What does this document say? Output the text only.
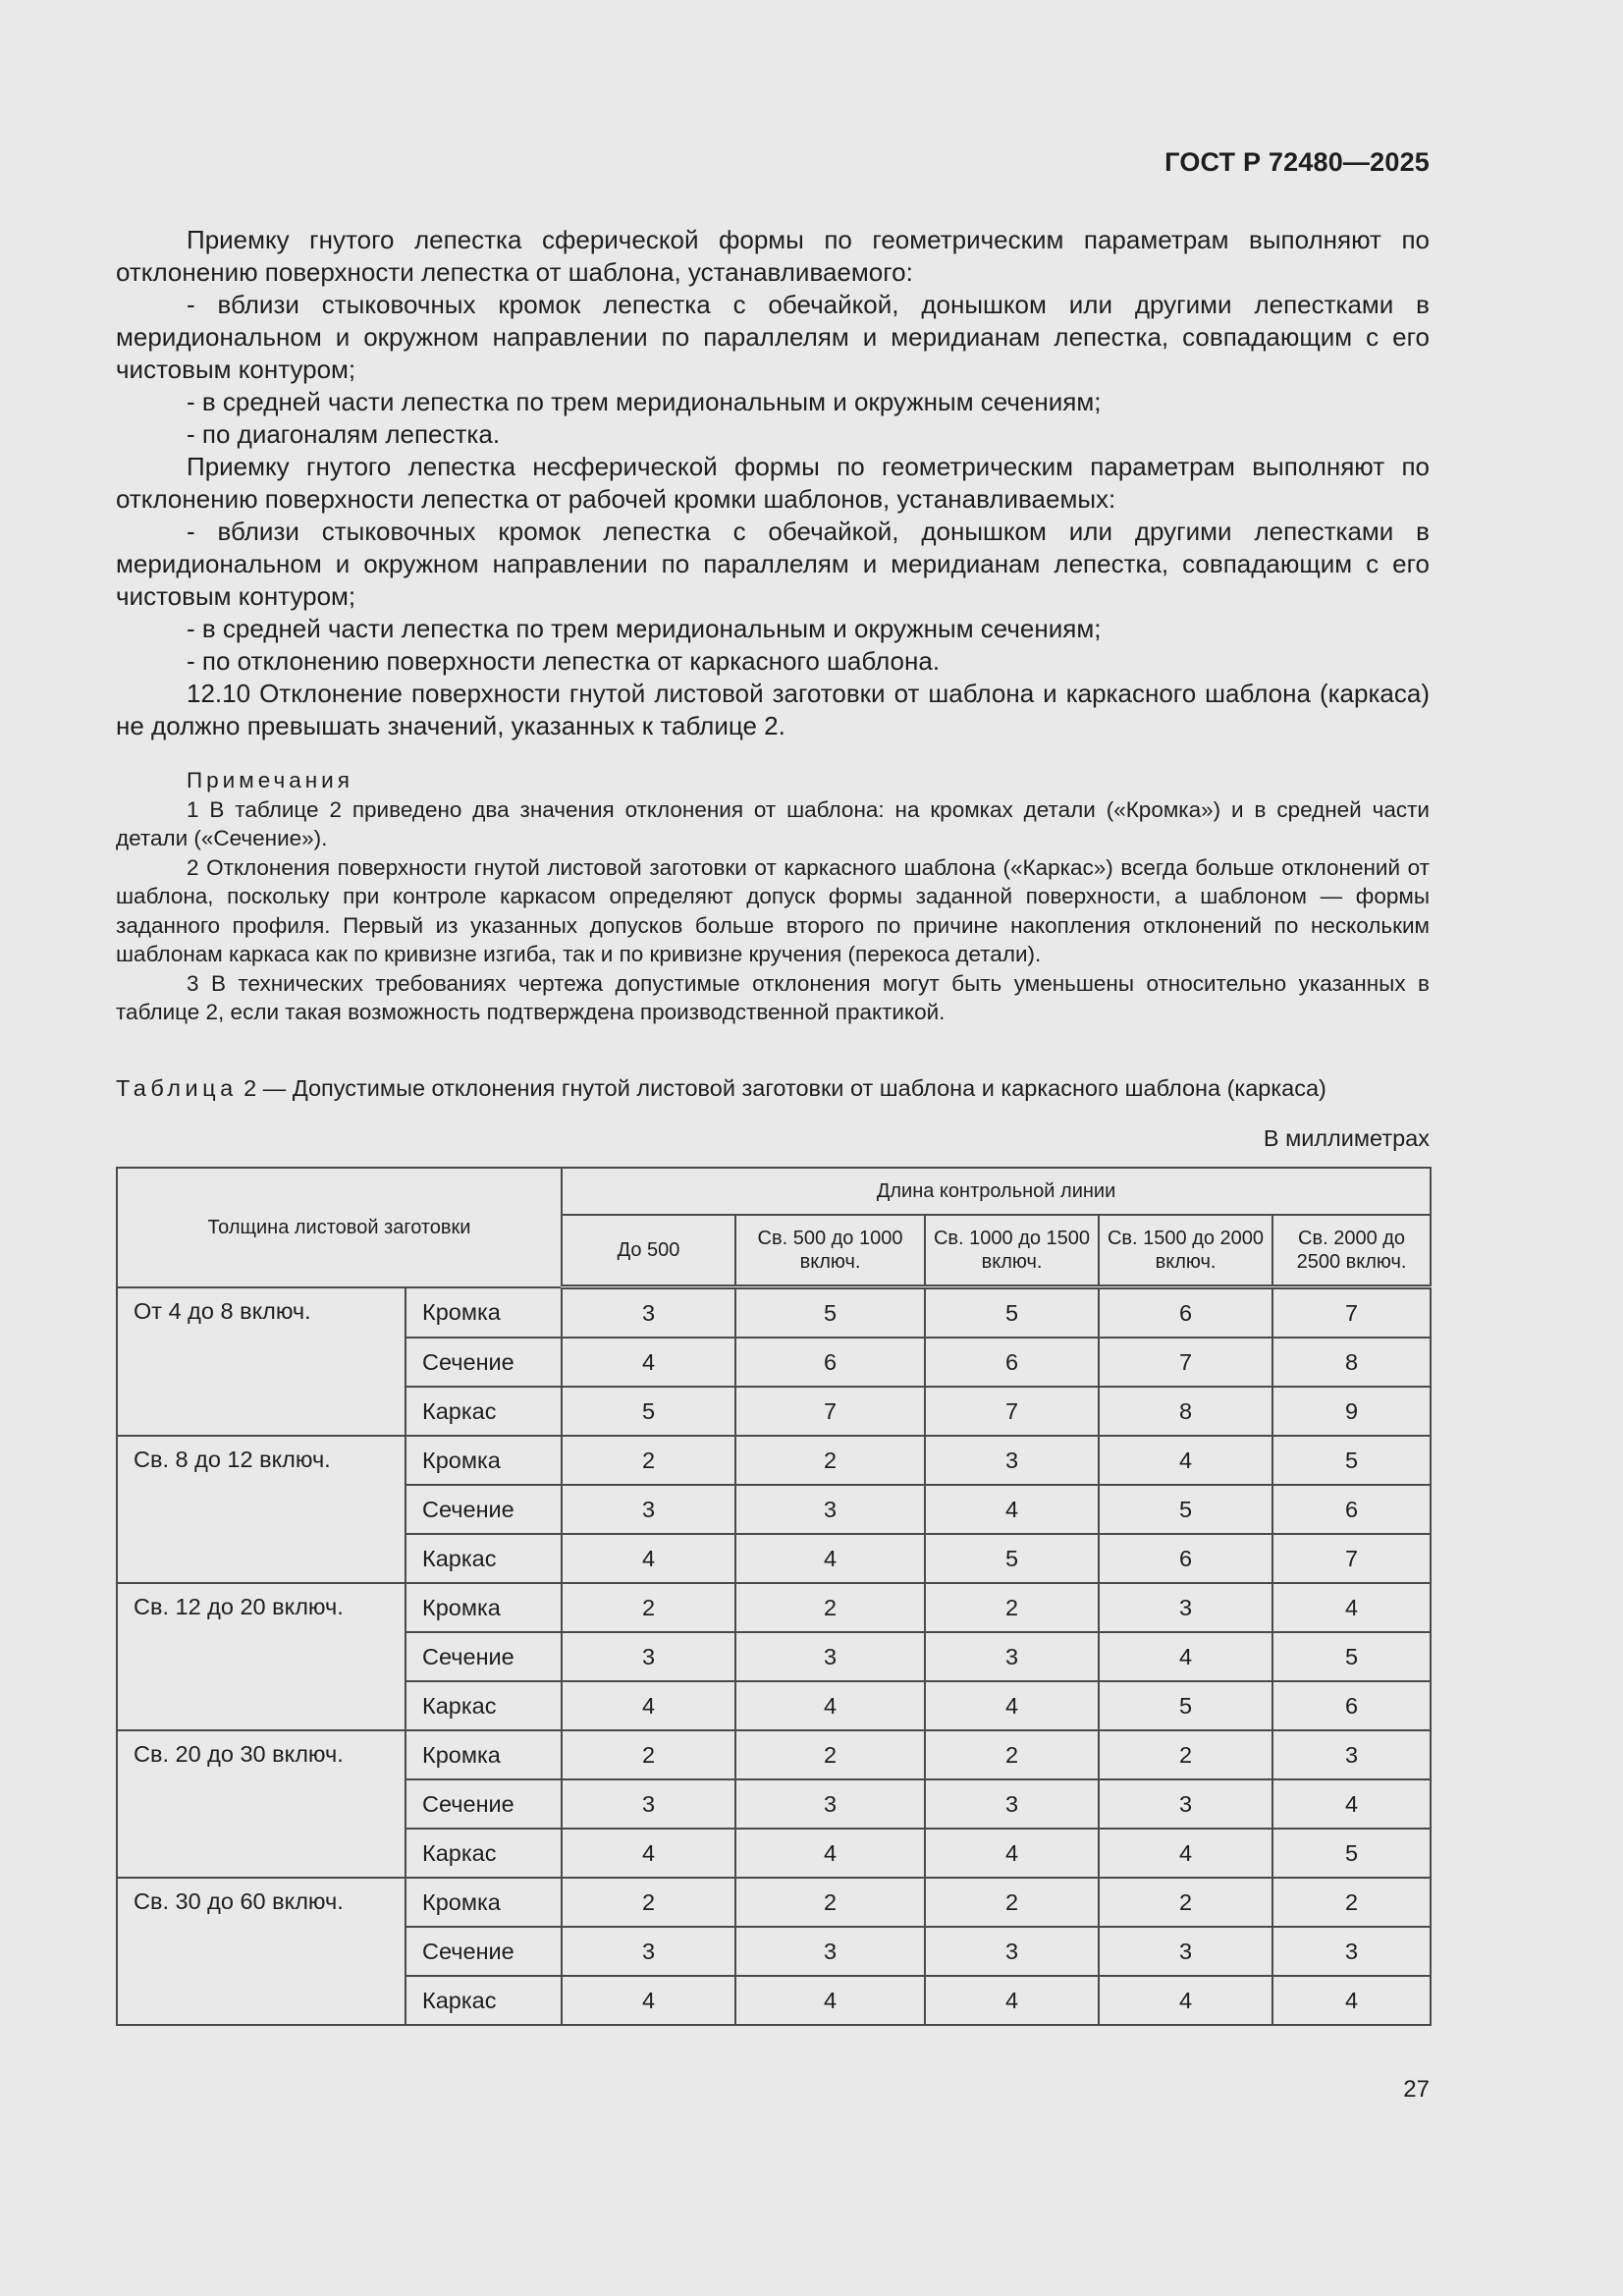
ГОСТ Р 72480—2025

Приемку гнутого лепестка сферической формы по геометрическим параметрам выполняют по отклонению поверхности лепестка от шаблона, устанавливаемого:

- вблизи стыковочных кромок лепестка с обечайкой, донышком или другими лепестками в меридиональном и окружном направлении по параллелям и меридианам лепестка, совпадающим с его чистовым контуром;

- в средней части лепестка по трем меридиональным и окружным сечениям;

- по диагоналям лепестка.

Приемку гнутого лепестка несферической формы по геометрическим параметрам выполняют по отклонению поверхности лепестка от рабочей кромки шаблонов, устанавливаемых:

- вблизи стыковочных кромок лепестка с обечайкой, донышком или другими лепестками в меридиональном и окружном направлении по параллелям и меридианам лепестка, совпадающим с его чистовым контуром;

- в средней части лепестка по трем меридиональным и окружным сечениям;

- по отклонению поверхности лепестка от каркасного шаблона.

12.10 Отклонение поверхности гнутой листовой заготовки от шаблона и каркасного шаблона (каркаса) не должно превышать значений, указанных к таблице 2.

Примечания

1 В таблице 2 приведено два значения отклонения от шаблона: на кромках детали («Кромка») и в средней части детали («Сечение»).

2 Отклонения поверхности гнутой листовой заготовки от каркасного шаблона («Каркас») всегда больше отклонений от шаблона, поскольку при контроле каркасом определяют допуск формы заданной поверхности, а шаблоном — формы заданного профиля. Первый из указанных допусков больше второго по причине накопления отклонений по нескольким шаблонам каркаса как по кривизне изгиба, так и по кривизне кручения (перекоса детали).

3 В технических требованиях чертежа допустимые отклонения могут быть уменьшены относительно указанных в таблице 2, если такая возможность подтверждена производственной практикой.

Таблица 2 — Допустимые отклонения гнутой листовой заготовки от шаблона и каркасного шаблона (каркаса)
В миллиметрах
Толщина листовой заготовки		Длина контрольной линии				
		До 500	Св. 500 до 1000 включ.	Св. 1000 до 1500 включ.	Св. 1500 до 2000 включ.	Св. 2000 до 2500 включ.
От 4 до 8 включ.	Кромка	3	5	5	6	7
	Сечение	4	6	6	7	8
	Каркас	5	7	7	8	9
Св. 8 до 12 включ.	Кромка	2	2	3	4	5
	Сечение	3	3	4	5	6
	Каркас	4	4	5	6	7
Св. 12 до 20 включ.	Кромка	2	2	2	3	4
	Сечение	3	3	3	4	5
	Каркас	4	4	4	5	6
Св. 20 до 30 включ.	Кромка	2	2	2	2	3
	Сечение	3	3	3	3	4
	Каркас	4	4	4	4	5
Св. 30 до 60 включ.	Кромка	2	2	2	2	2
	Сечение	3	3	3	3	3
	Каркас	4	4	4	4	4
27
